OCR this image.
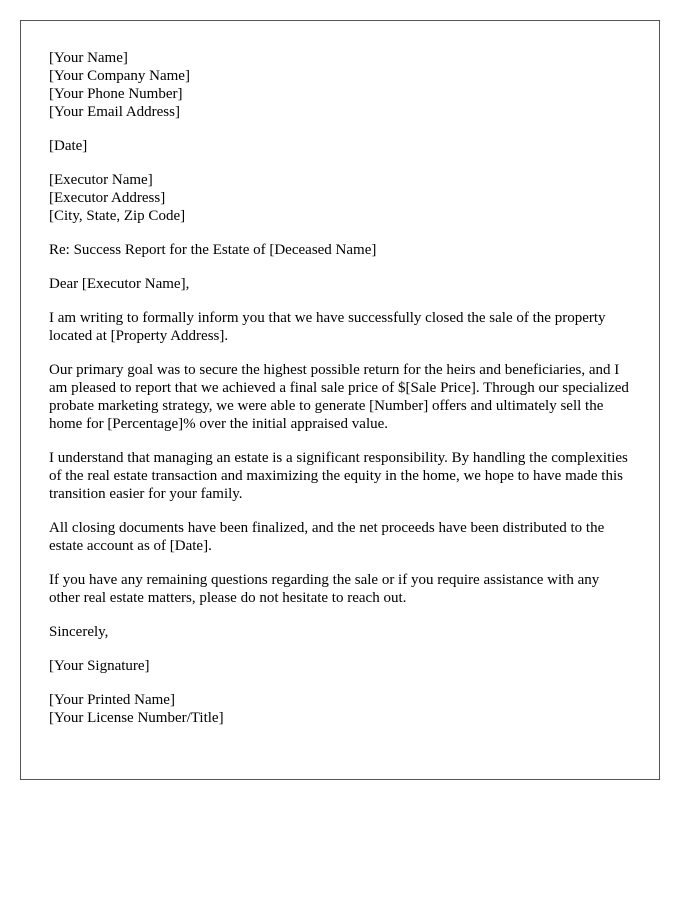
[Your Name]
[Your Company Name]
[Your Phone Number]
[Your Email Address]
[Date]
[Executor Name]
[Executor Address]
[City, State, Zip Code]

Re: Success Report for the Estate of [Deceased Name]

Dear [Executor Name],

I am writing to formally inform you that we have successfully closed the sale of the property located at [Property Address].

Our primary goal was to secure the highest possible return for the heirs and beneficiaries, and I am pleased to report that we achieved a final sale price of $[Sale Price]. Through our specialized probate marketing strategy, we were able to generate [Number] offers and ultimately sell the home for [Percentage]% over the initial appraised value.

I understand that managing an estate is a significant responsibility. By handling the complexities of the real estate transaction and maximizing the equity in the home, we hope to have made this transition easier for your family.

All closing documents have been finalized, and the net proceeds have been distributed to the estate account as of [Date].

If you have any remaining questions regarding the sale or if you require assistance with any other real estate matters, please do not hesitate to reach out.

Sincerely,

[Your Signature]

[Your Printed Name]
[Your License Number/Title]
